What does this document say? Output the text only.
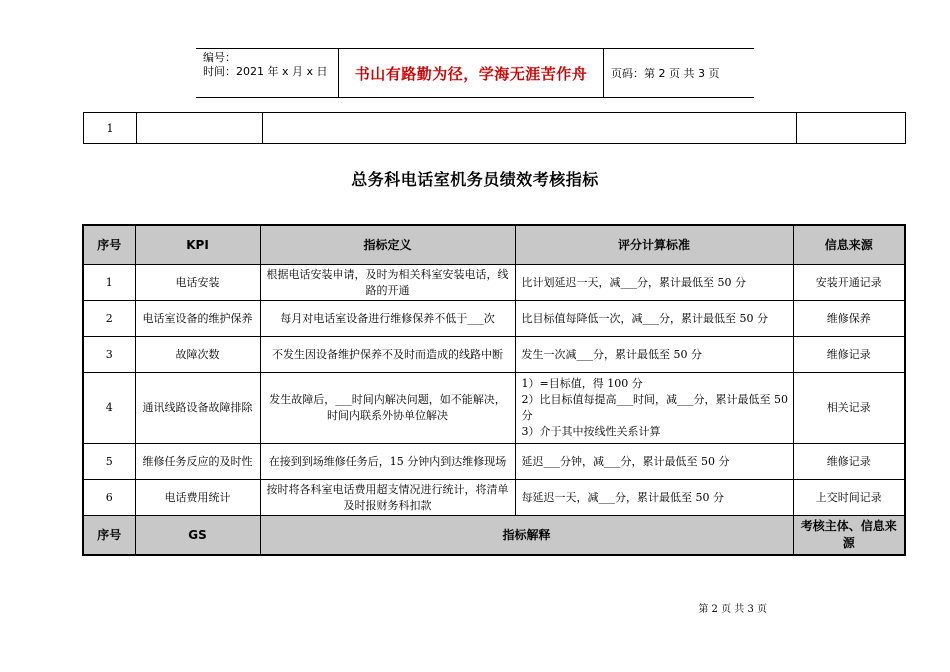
编号：
时间：2021 年 x 月 x 日	书山有路勤为径，学海无涯苦作舟	页码：第 2 页 共 3 页
1
总务科电话室机务员绩效考核指标
序号	KPI	指标定义	评分计算标准	信息来源
1	电话安装	根据电话安装申请，及时为相关科室安装电话，线路的开通	比计划延迟一天，减___分，累计最低至 50 分	安装开通记录
2	电话室设备的维护保养	每月对电话室设备进行维修保养不低于___次	比目标值每降低一次，减___分，累计最低至 50 分	维修保养
3	故障次数	不发生因设备维护保养不及时而造成的线路中断	发生一次减___分，累计最低至 50 分	维修记录
4	通讯线路设备故障排除	发生故障后，___时间内解决问题，如不能解决，时间内联系外协单位解决	1）=目标值，得 100 分
2）比目标值每提高___时间，减___分，累计最低至 50 分
3）介于其中按线性关系计算	相关记录
5	维修任务反应的及时性	在接到到场维修任务后，15 分钟内到达维修现场	延迟___分钟，减___分，累计最低至 50 分	维修记录
6	电话费用统计	按时将各科室电话费用超支情况进行统计，将清单及时报财务科扣款	每延迟一天，减___分，累计最低至 50 分	上交时间记录
序号	GS	指标解释		考核主体、信息来源
第 2 页 共 3 页
